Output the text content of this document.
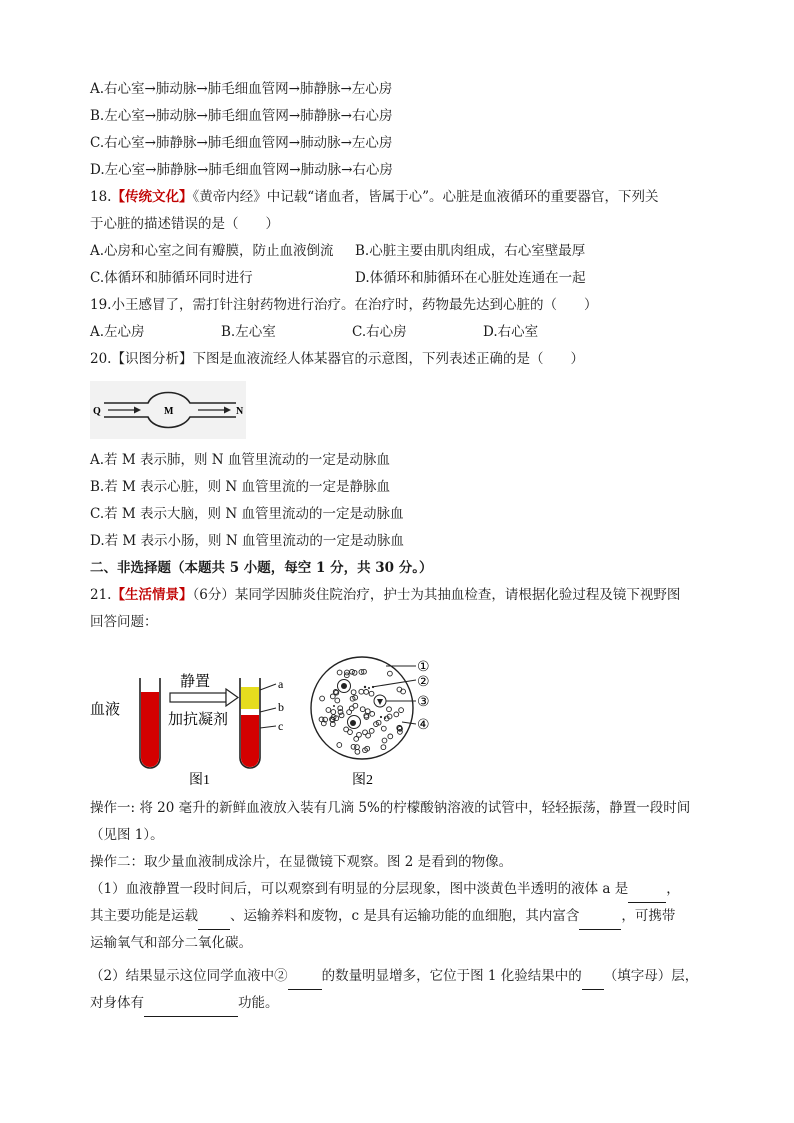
A.右心室→肺动脉→肺毛细血管网→肺静脉→左心房
B.左心室→肺动脉→肺毛细血管网→肺静脉→右心房
C.右心室→肺静脉→肺毛细血管网→肺动脉→左心房
D.左心室→肺静脉→肺毛细血管网→肺动脉→右心房
18.【传统文化】《黄帝内经》中记载“诸血者，皆属于心”。心脏是血液循环的重要器官，下列关
于心脏的描述错误的是（　　）
A.心房和心室之间有瓣膜，防止血液倒流	B.心脏主要由肌肉组成，右心室壁最厚
C.体循环和肺循环同时进行	D.体循环和肺循环在心脏处连通在一起
19.小王感冒了，需打针注射药物进行治疗。在治疗时，药物最先达到心脏的（　　）
A.左心房	B.左心室	C.右心房	D.右心室
20.【识图分析】下图是血液流经人体某器官的示意图，下列表述正确的是（　　）
Q	M	N
A.若 M 表示肺，则 N 血管里流动的一定是动脉血
B.若 M 表示心脏，则 N 血管里流的一定是静脉血
C.若 M 表示大脑，则 N 血管里流动的一定是动脉血
D.若 M 表示小肠，则 N 血管里流动的一定是动脉血
二、非选择题（本题共 5 小题，每空 1 分，共 30 分。）
21.【生活情景】（6分）某同学因肺炎住院治疗，护士为其抽血检查，请根据化验过程及镜下视野图
回答问题：
血液
静置
加抗凝剂
a
b
c
图1
①
②
③
④
图2
操作一: 将 20 毫升的新鲜血液放入装有几滴 5%的柠檬酸钠溶液的试管中，轻轻振荡，静置一段时间
（见图 1）。
操作二：取少量血液制成涂片，在显微镜下观察。图 2 是看到的物像。
（1）血液静置一段时间后，可以观察到有明显的分层现象，图中淡黄色半透明的液体 a 是	，
其主要功能是运载 、运输养料和废物，c 是具有运输功能的血细胞，其内富含	，可携带
运输氧气和部分二氧化碳。
（2）结果显示这位同学血液中②	的数量明显增多，它位于图 1 化验结果中的 （填字母）层，
对身体有	功能。
